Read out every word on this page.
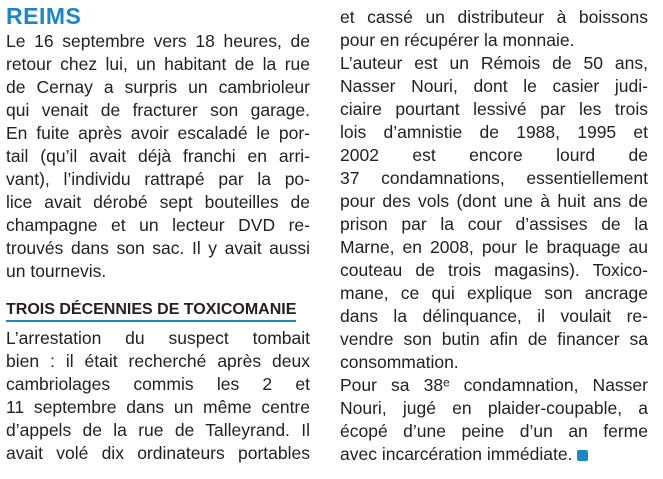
REIMS
Le 16 septembre vers 18 heures, de
retour chez lui, un habitant de la rue
de Cernay a surpris un cambrioleur
qui venait de fracturer son garage.
En fuite après avoir escaladé le por-
tail (qu’il avait déjà franchi en arri-
vant), l’individu rattrapé par la po-
lice avait dérobé sept bouteilles de
champagne et un lecteur DVD re-
trouvés dans son sac. Il y avait aussi
un tournevis.
TROIS DÉCENNIES DE TOXICOMANIE
L’arrestation du suspect tombait
bien : il était recherché après deux
cambriolages commis les 2 et
11 septembre dans un même centre
d’appels de la rue de Talleyrand. Il
avait volé dix ordinateurs portables
et cassé un distributeur à boissons
pour en récupérer la monnaie.
L’auteur est un Rémois de 50 ans,
Nasser Nouri, dont le casier judi-
ciaire pourtant lessivé par les trois
lois d’amnistie de 1988, 1995 et
2002 est encore lourd de
37 condamnations, essentiellement
pour des vols (dont une à huit ans de
prison par la cour d’assises de la
Marne, en 2008, pour le braquage au
couteau de trois magasins). Toxico-
mane, ce qui explique son ancrage
dans la délinquance, il voulait re-
vendre son butin afin de financer sa
consommation.
Pour sa 38ᵉ condamnation, Nasser
Nouri, jugé en plaider-coupable, a
écopé d’une peine d’un an ferme
avec incarcération immédiate.
